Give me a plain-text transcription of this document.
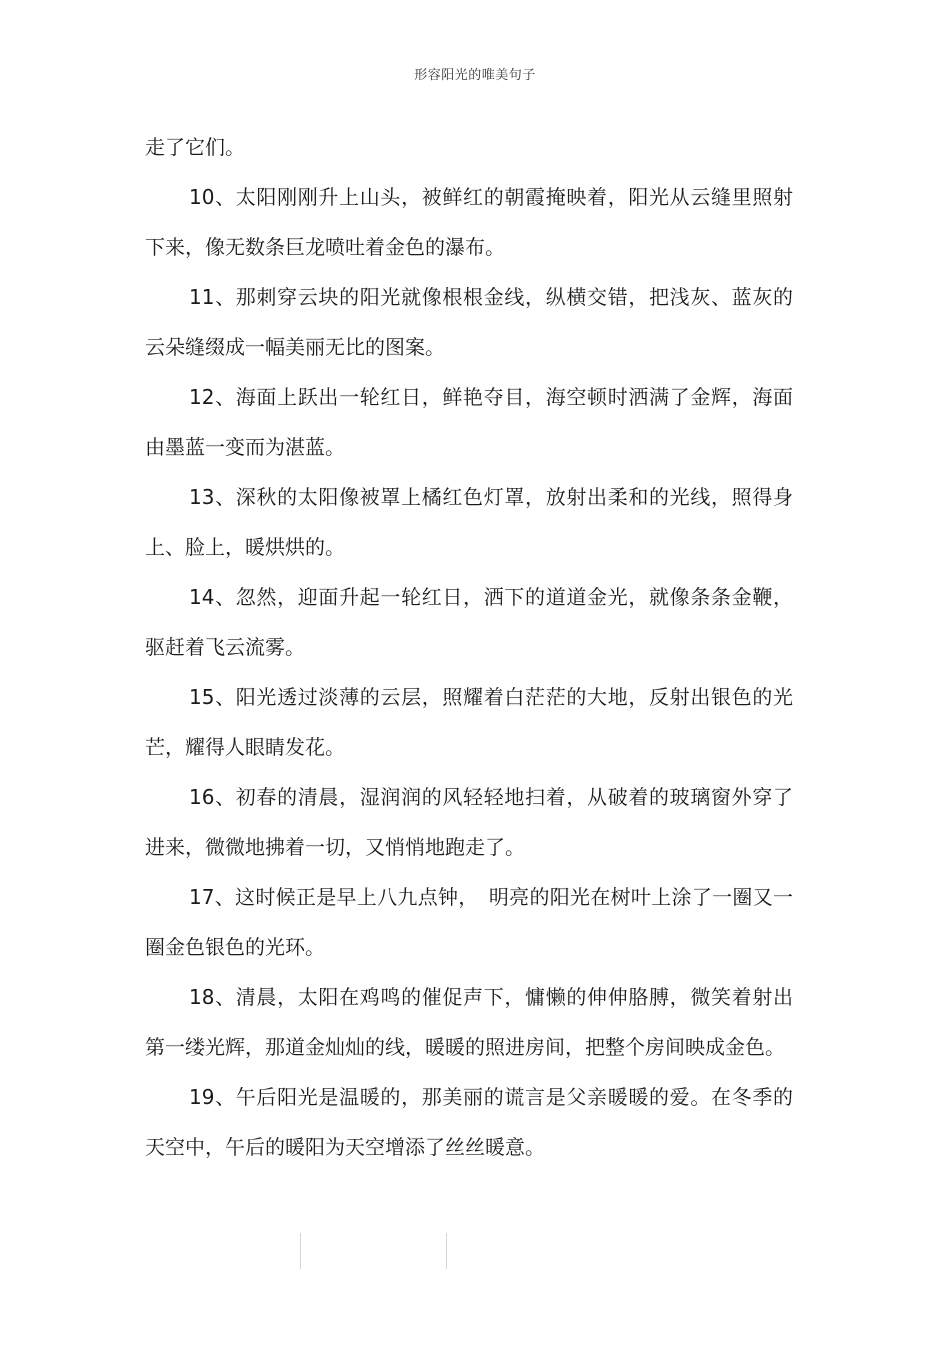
形容阳光的唯美句子

走了它们。

10、太阳刚刚升上山头，被鲜红的朝霞掩映着，阳光从云缝里照射下来，像无数条巨龙喷吐着金色的瀑布。

11、那刺穿云块的阳光就像根根金线，纵横交错，把浅灰、蓝灰的云朵缝缀成一幅美丽无比的图案。

12、海面上跃出一轮红日，鲜艳夺目，海空顿时洒满了金辉，海面由墨蓝一变而为湛蓝。

13、深秋的太阳像被罩上橘红色灯罩，放射出柔和的光线，照得身上、脸上，暖烘烘的。

14、忽然，迎面升起一轮红日，洒下的道道金光，就像条条金鞭，驱赶着飞云流雾。

15、阳光透过淡薄的云层，照耀着白茫茫的大地，反射出银色的光芒，耀得人眼睛发花。

16、初春的清晨，湿润润的风轻轻地扫着，从破着的玻璃窗外穿了进来，微微地拂着一切，又悄悄地跑走了。

17、这时候正是早上八九点钟，　明亮的阳光在树叶上涂了一圈又一圈金色银色的光环。

18、清晨，太阳在鸡鸣的催促声下，慵懒的伸伸胳膊，微笑着射出第一缕光辉，那道金灿灿的线，暖暖的照进房间，把整个房间映成金色。

19、午后阳光是温暖的，那美丽的谎言是父亲暖暖的爱。在冬季的天空中，午后的暖阳为天空增添了丝丝暖意。
